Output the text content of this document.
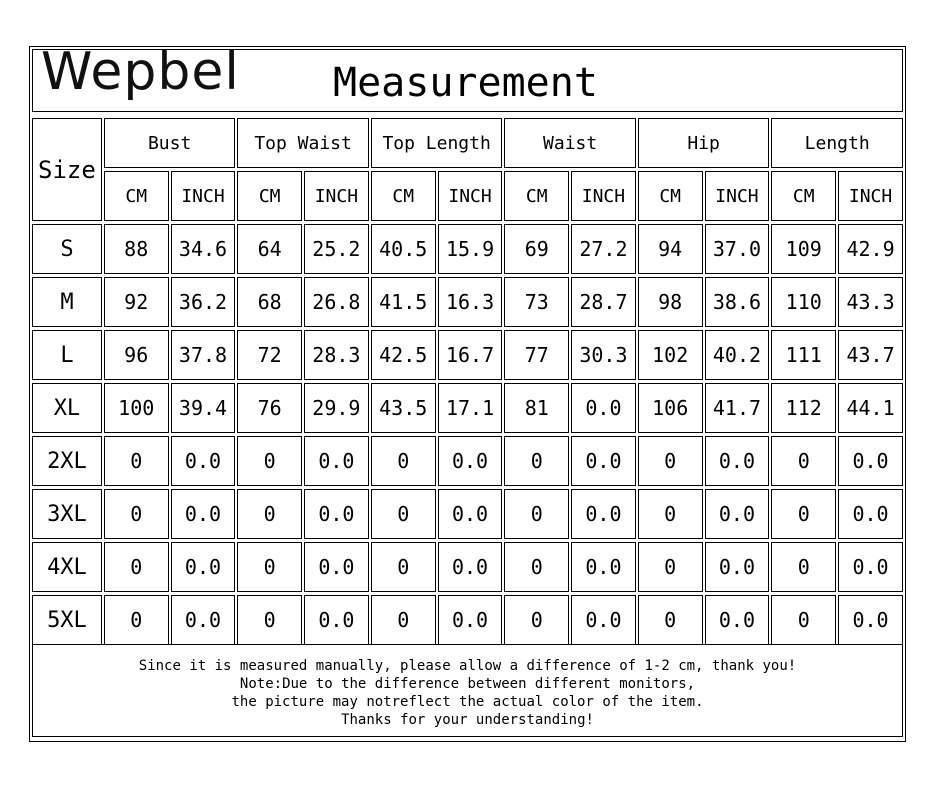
Wepbel Measurement
Size	Bust		Top Waist		Top Length		Waist		Hip		Length	
	CM	INCH	CM	INCH	CM	INCH	CM	INCH	CM	INCH	CM	INCH
S	88	34.6	64	25.2	40.5	15.9	69	27.2	94	37.0	109	42.9
M	92	36.2	68	26.8	41.5	16.3	73	28.7	98	38.6	110	43.3
L	96	37.8	72	28.3	42.5	16.7	77	30.3	102	40.2	111	43.7
XL	100	39.4	76	29.9	43.5	17.1	81	0.0	106	41.7	112	44.1
2XL	0	0.0	0	0.0	0	0.0	0	0.0	0	0.0	0	0.0
3XL	0	0.0	0	0.0	0	0.0	0	0.0	0	0.0	0	0.0
4XL	0	0.0	0	0.0	0	0.0	0	0.0	0	0.0	0	0.0
5XL	0	0.0	0	0.0	0	0.0	0	0.0	0	0.0	0	0.0
Since it is measured manually, please allow a difference of 1-2 cm, thank you!
Note:Due to the difference between different monitors,
the picture may notreflect the actual color of the item.
Thanks for your understanding!
